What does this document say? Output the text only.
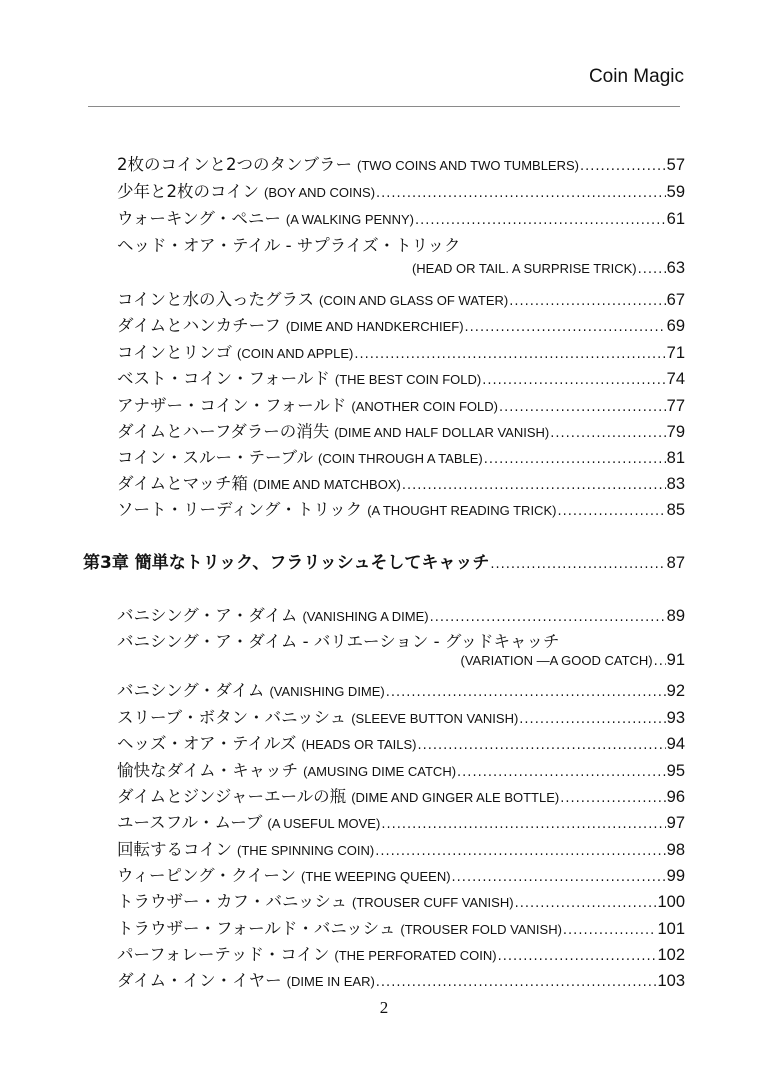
Coin Magic
2枚のコインと2つのタンブラー (TWO COINS AND TWO TUMBLERS) .....	57
少年と2枚のコイン (BOY AND COINS) .....	59
ウォーキング・ペニー (A WALKING PENNY) .....	61
ヘッド・オア・テイル - サプライズ・トリック
(HEAD OR TAIL. A SURPRISE TRICK) ..... 63
コインと水の入ったグラス (COIN AND GLASS OF WATER) .....	67
ダイムとハンカチーフ (DIME AND HANDKERCHIEF) .....	69
コインとリンゴ (COIN AND APPLE) .....	71
ベスト・コイン・フォールド (THE BEST COIN FOLD) .....	74
アナザー・コイン・フォールド (ANOTHER COIN FOLD) .....	77
ダイムとハーフダラーの消失 (DIME AND HALF DOLLAR VANISH) .....	79
コイン・スルー・テーブル (COIN THROUGH A TABLE) .....	81
ダイムとマッチ箱 (DIME AND MATCHBOX) .....	83
ソート・リーディング・トリック (A THOUGHT READING TRICK) .....	85
第3章 簡単なトリック、フラリッシュそしてキャッチ .....	87
バニシング・ア・ダイム (VANISHING A DIME) .....	89
バニシング・ア・ダイム - バリエーション - グッドキャッチ
(VARIATION —A GOOD CATCH) ..... 91
バニシング・ダイム (VANISHING DIME) .....	92
スリーブ・ボタン・バニッシュ (SLEEVE BUTTON VANISH) .....	93
ヘッズ・オア・テイルズ (HEADS OR TAILS) .....	94
愉快なダイム・キャッチ (AMUSING DIME CATCH) .....	95
ダイムとジンジャーエールの瓶 (DIME AND GINGER ALE BOTTLE) .....	96
ユースフル・ムーブ (A USEFUL MOVE) .....	97
回転するコイン (THE SPINNING COIN) .....	98
ウィーピング・クイーン (THE WEEPING QUEEN) .....	99
トラウザー・カフ・バニッシュ (TROUSER CUFF VANISH) .....	100
トラウザー・フォールド・バニッシュ (TROUSER FOLD VANISH) .....	101
パーフォレーテッド・コイン (THE PERFORATED COIN) .....	102
ダイム・イン・イヤー (DIME IN EAR) .....	103
2
